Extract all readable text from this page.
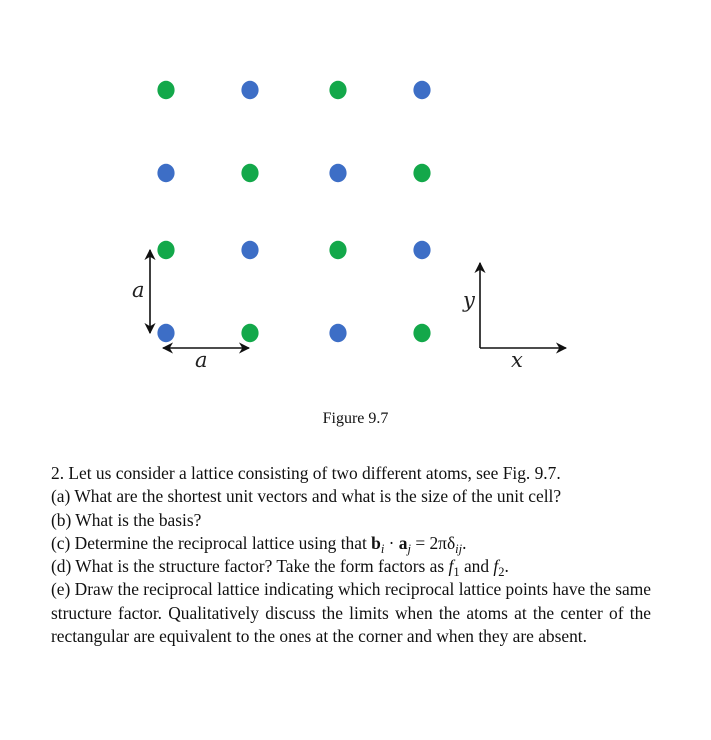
a
a
y
x
Figure 9.7

2. Let us consider a lattice consisting of two different atoms, see Fig. 9.7.

(a) What are the shortest unit vectors and what is the size of the unit cell?

(b) What is the basis?

(c) Determine the reciprocal lattice using that $b_i \cdot a_j = 2\pi\delta_{ij}$.

(d) What is the structure factor? Take the form factors as $f_1$ and $f_2$.

(e) Draw the reciprocal lattice indicating which reciprocal lattice points have the same structure factor. Qualitatively discuss the limits when the atoms at the center of the rectangular are equivalent to the ones at the corner and when they are absent.
